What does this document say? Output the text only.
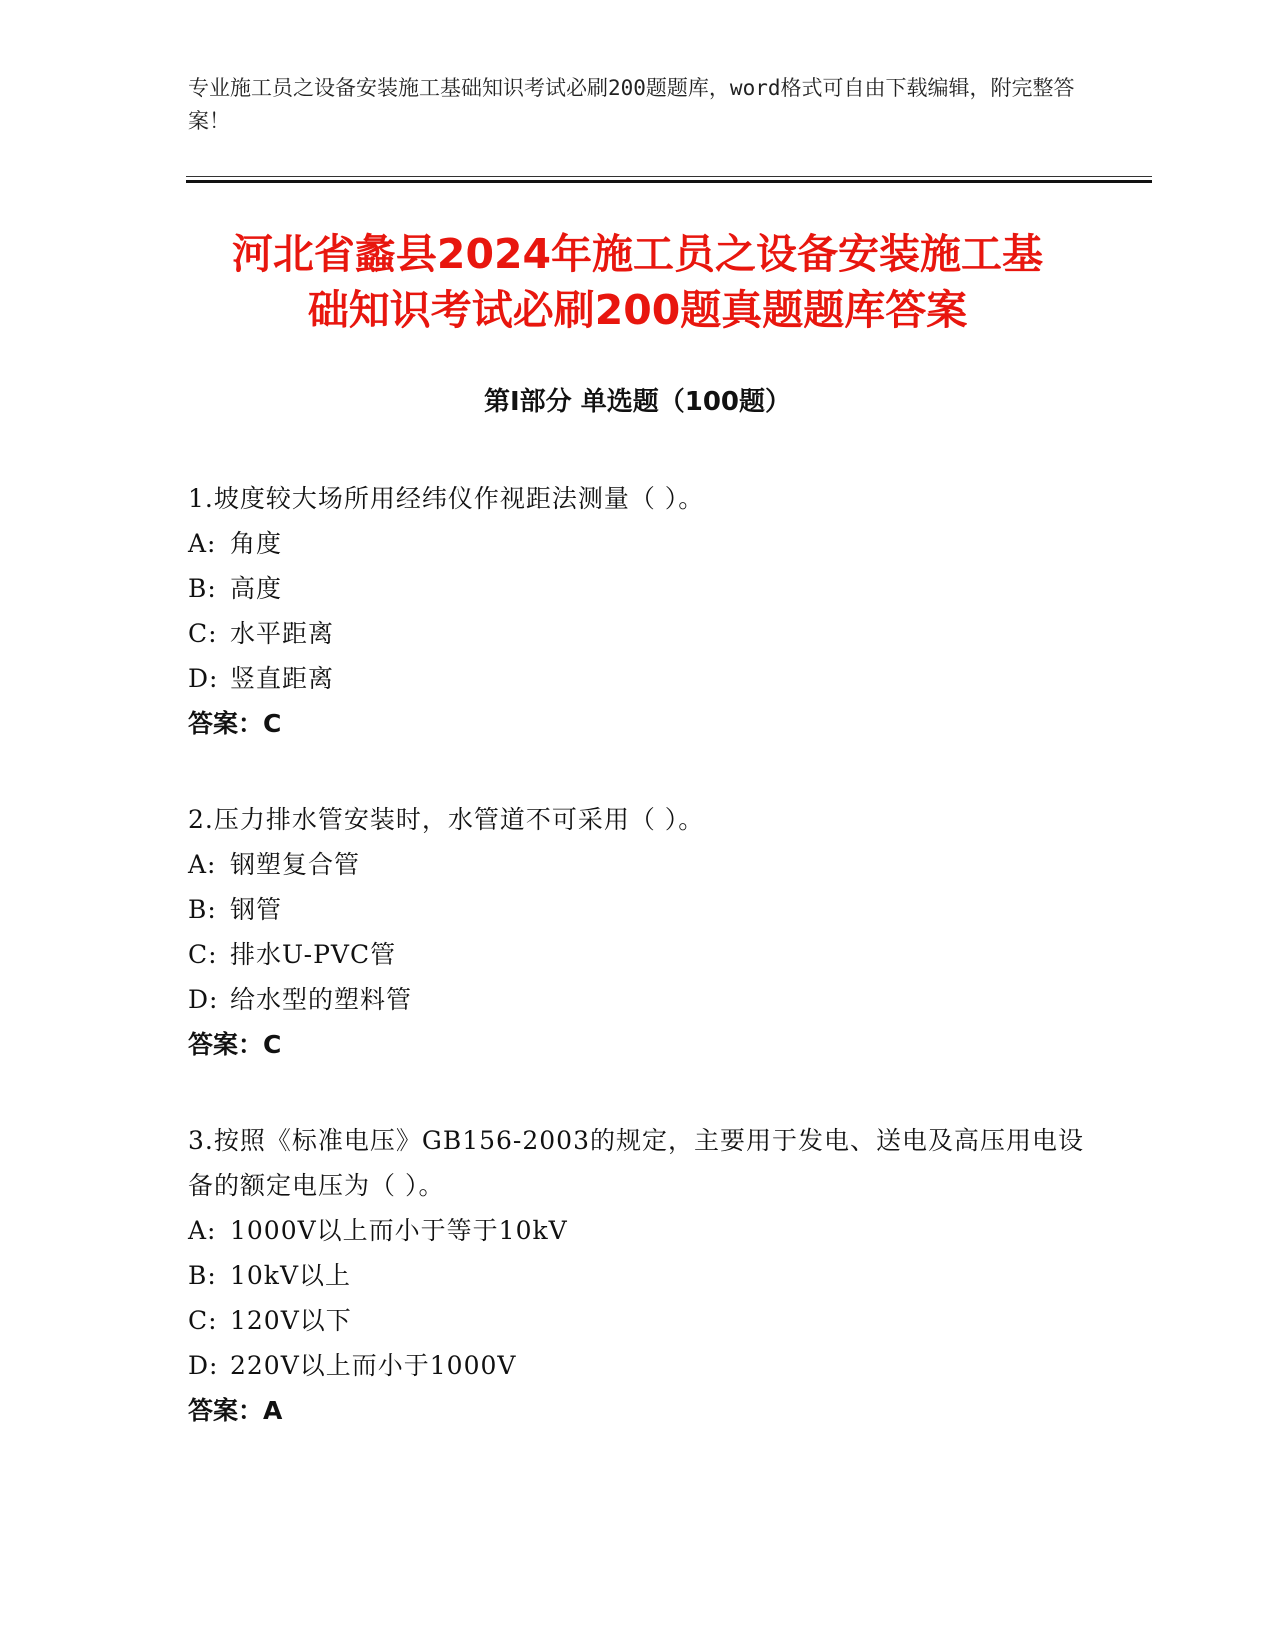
专业施工员之设备安装施工基础知识考试必刷200题题库，word格式可自由下载编辑，附完整答案！
河北省蠡县2024年施工员之设备安装施工基
础知识考试必刷200题真题题库答案
第Ⅰ部分 单选题（100题）
1.坡度较大场所用经纬仪作视距法测量（ ）。
A: 角度
B: 高度
C: 水平距离
D: 竖直距离
答案：C
2.压力排水管安装时，水管道不可采用（ ）。
A: 钢塑复合管
B: 钢管
C: 排水U-PVC管
D: 给水型的塑料管
答案：C
3.按照《标准电压》GB156-2003的规定，主要用于发电、送电及高压用电设备的额定电压为（ ）。
A: 1000V以上而小于等于10kV
B: 10kV以上
C: 120V以下
D: 220V以上而小于1000V
答案：A
